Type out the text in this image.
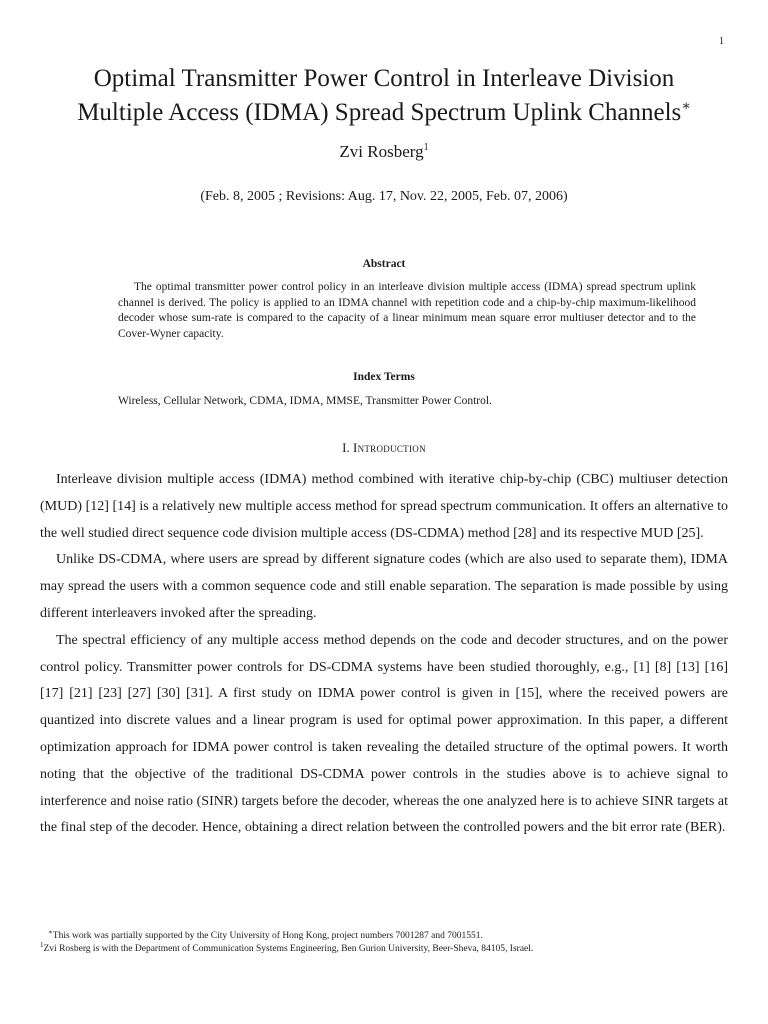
1
Optimal Transmitter Power Control in Interleave Division
Multiple Access (IDMA) Spread Spectrum Uplink Channels∗
Zvi Rosberg$^1$
(Feb. 8, 2005 ; Revisions: Aug. 17, Nov. 22, 2005, Feb. 07, 2006)
Abstract
The optimal transmitter power control policy in an interleave division multiple access (IDMA) spread spectrum uplink channel is derived. The policy is applied to an IDMA channel with repetition code and a chip-by-chip maximum-likelihood decoder whose sum-rate is compared to the capacity of a linear minimum mean square error multiuser detector and to the Cover-Wyner capacity.
Index Terms
Wireless, Cellular Network, CDMA, IDMA, MMSE, Transmitter Power Control.
I. Introduction

Interleave division multiple access (IDMA) method combined with iterative chip-by-chip (CBC) multiuser detection (MUD) [12] [14] is a relatively new multiple access method for spread spectrum communication. It offers an alternative to the well studied direct sequence code division multiple access (DS-CDMA) method [28] and its respective MUD [25].

Unlike DS-CDMA, where users are spread by different signature codes (which are also used to separate them), IDMA may spread the users with a common sequence code and still enable separation. The separation is made possible by using different interleavers invoked after the spreading.

The spectral efficiency of any multiple access method depends on the code and decoder structures, and on the power control policy. Transmitter power controls for DS-CDMA systems have been studied thoroughly, e.g., [1] [8] [13] [16] [17] [21] [23] [27] [30] [31]. A first study on IDMA power control is given in [15], where the received powers are quantized into discrete values and a linear program is used for optimal power approximation. In this paper, a different optimization approach for IDMA power control is taken revealing the detailed structure of the optimal powers. It worth noting that the objective of the traditional DS-CDMA power controls in the studies above is to achieve signal to interference and noise ratio (SINR) targets before the decoder, whereas the one analyzed here is to achieve SINR targets at the final step of the decoder. Hence, obtaining a direct relation between the controlled powers and the bit error rate (BER).

∗This work was partially supported by the City University of Hong Kong, project numbers 7001287 and 7001551.
$^1$Zvi Rosberg is with the Department of Communication Systems Engineering, Ben Gurion University, Beer-Sheva, 84105, Israel.
